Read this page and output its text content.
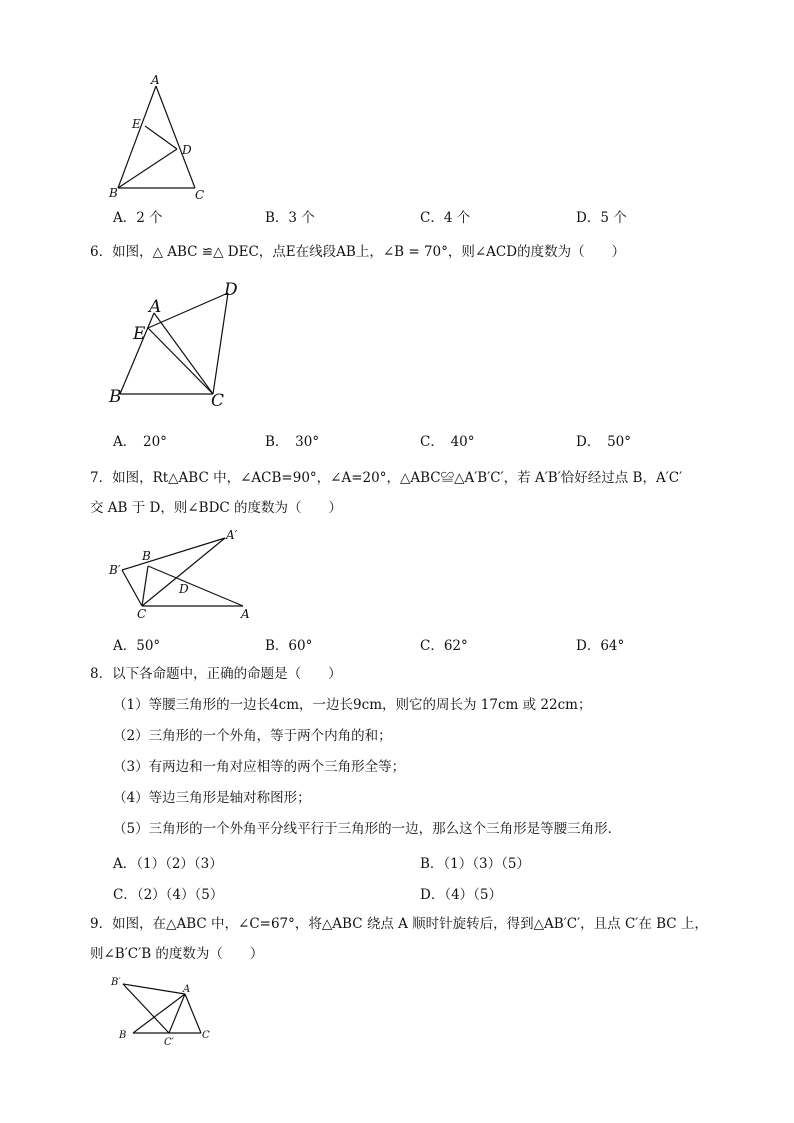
A
E
D
B	C
A．2 个	B．3 个	C．4 个	D．5 个
6．如图，△ ABC ≌△ DEC，点E在线段AB上，∠B = 70°，则∠ACD的度数为（　　）
A
D
E
B	C
A．　20°	B．　30°	C．　40°	D．　50°
7．如图，Rt△ABC 中，∠ACB=90°，∠A=20°，△ABC≌△A′B′C′，若 A′B′恰好经过点 B，A′C′
交 AB 于 D，则∠BDC 的度数为（　　）
A′
B
B′
D
C	A
A．50°	B．60°	C．62°	D．64°
8．以下各命题中，正确的命题是（　　）
（1）等腰三角形的一边长4cm，一边长9cm，则它的周长为 17cm 或 22cm；
（2）三角形的一个外角，等于两个内角的和；
（3）有两边和一角对应相等的两个三角形全等；
（4）等边三角形是轴对称图形；
（5）三角形的一个外角平分线平行于三角形的一边，那么这个三角形是等腰三角形．
A．（1）（2）（3）	B．（1）（3）（5）
C．（2）（4）（5）	D．（4）（5）
9．如图，在△ABC 中，∠C=67°，将△ABC 绕点 A 顺时针旋转后，得到△AB′C′，且点 C′在 BC 上，
则∠B′C′B 的度数为（　　）
B′
A
B
C′
C
